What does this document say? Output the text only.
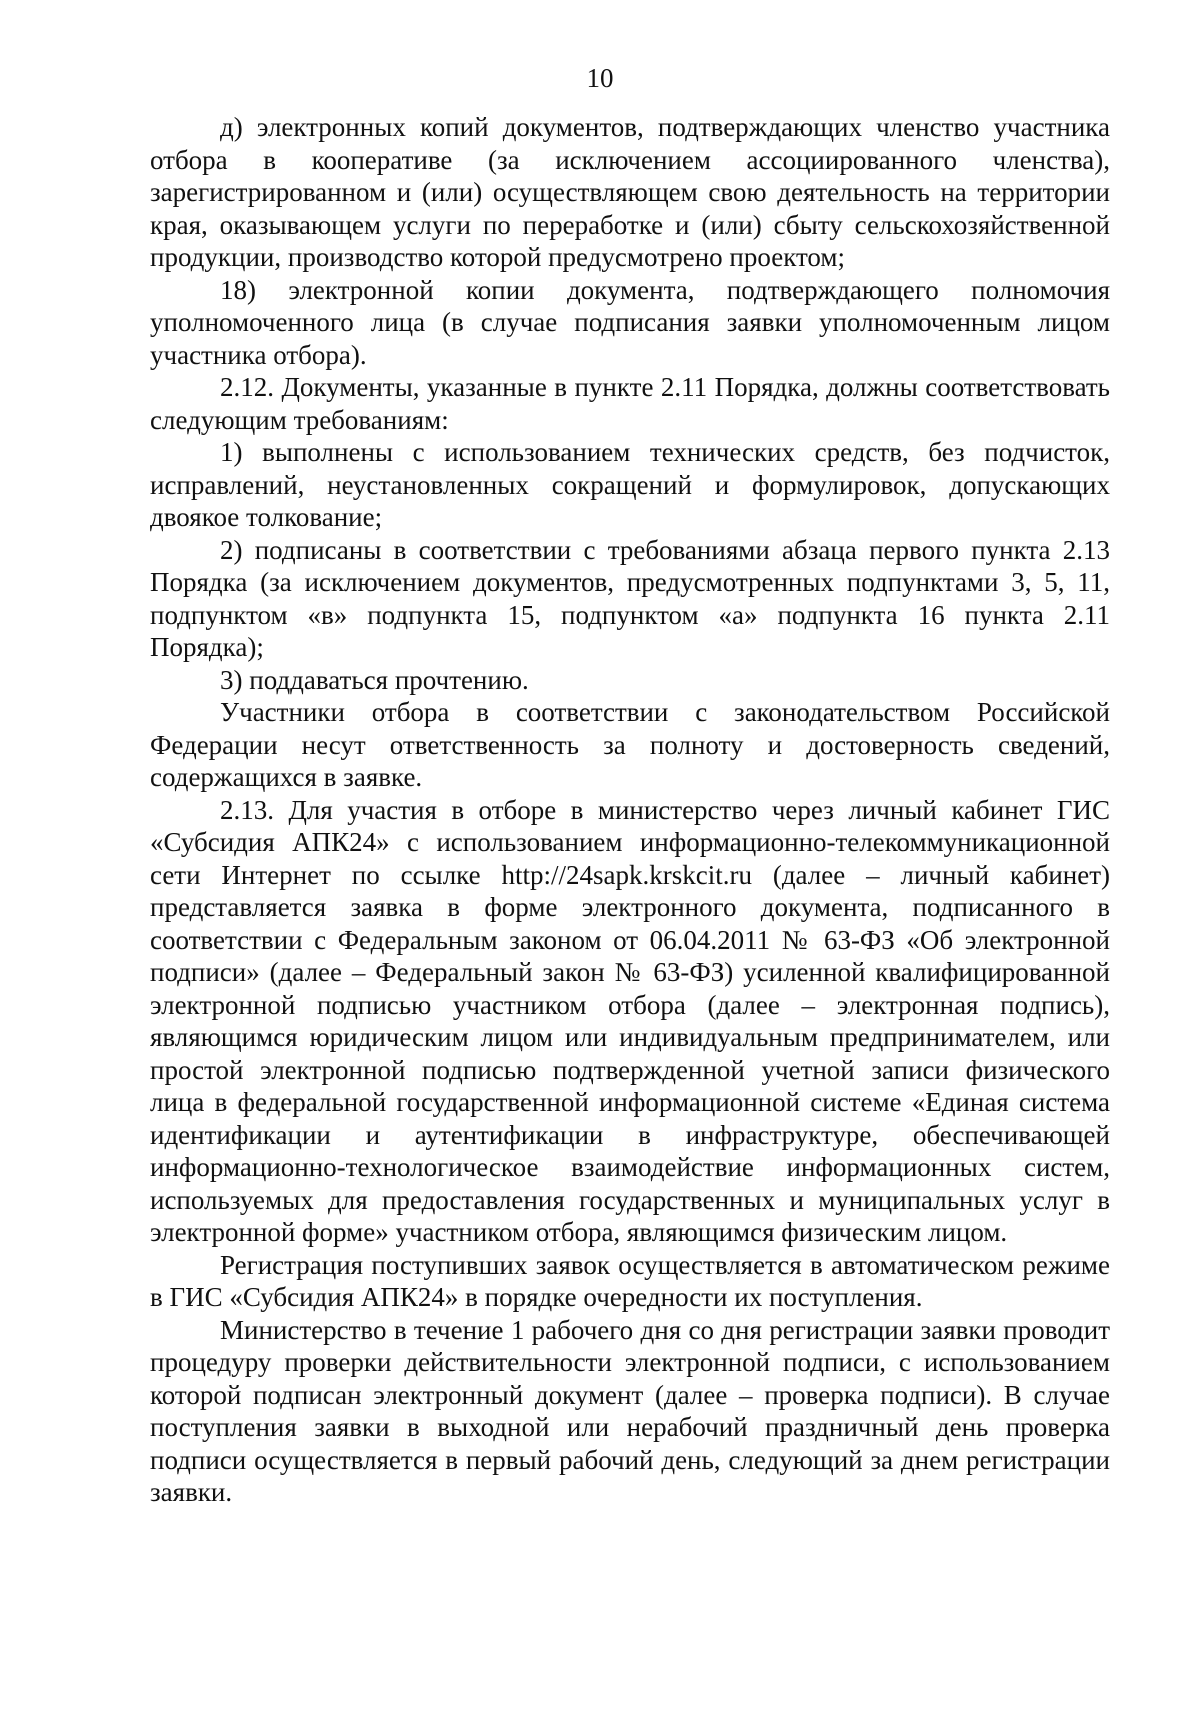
10

д) электронных копий документов, подтверждающих членство участника отбора в кооперативе (за исключением ассоциированного членства), зарегистрированном и (или) осуществляющем свою деятельность на территории края, оказывающем услуги по переработке и (или) сбыту сельскохозяйственной продукции, производство которой предусмотрено проектом;

18) электронной копии документа, подтверждающего полномочия уполномоченного лица (в случае подписания заявки уполномоченным лицом участника отбора).

2.12. Документы, указанные в пункте 2.11 Порядка, должны соответствовать следующим требованиям:

1) выполнены с использованием технических средств, без подчисток, исправлений, неустановленных сокращений и формулировок, допускающих двоякое толкование;

2) подписаны в соответствии с требованиями абзаца первого пункта 2.13 Порядка (за исключением документов, предусмотренных подпунктами 3, 5, 11, подпунктом «в» подпункта 15, подпунктом «а» подпункта 16 пункта 2.11 Порядка);

3) поддаваться прочтению.

Участники отбора в соответствии с законодательством Российской Федерации несут ответственность за полноту и достоверность сведений, содержащихся в заявке.

2.13. Для участия в отборе в министерство через личный кабинет ГИС «Субсидия АПК24» с использованием информационно-телекоммуникационной сети Интернет по ссылке http://24sapk.krskcit.ru (далее – личный кабинет) представляется заявка в форме электронного документа, подписанного в соответствии с Федеральным законом от 06.04.2011 № 63-ФЗ «Об электронной подписи» (далее – Федеральный закон № 63-ФЗ) усиленной квалифицированной электронной подписью участником отбора (далее – электронная подпись), являющимся юридическим лицом или индивидуальным предпринимателем, или простой электронной подписью подтвержденной учетной записи физического лица в федеральной государственной информационной системе «Единая система идентификации и аутентификации в инфраструктуре, обеспечивающей информационно-технологическое взаимодействие информационных систем, используемых для предоставления государственных и муниципальных услуг в электронной форме» участником отбора, являющимся физическим лицом.

Регистрация поступивших заявок осуществляется в автоматическом режиме в ГИС «Субсидия АПК24» в порядке очередности их поступления.

Министерство в течение 1 рабочего дня со дня регистрации заявки проводит процедуру проверки действительности электронной подписи, с использованием которой подписан электронный документ (далее – проверка подписи). В случае поступления заявки в выходной или нерабочий праздничный день проверка подписи осуществляется в первый рабочий день, следующий за днем регистрации заявки.
